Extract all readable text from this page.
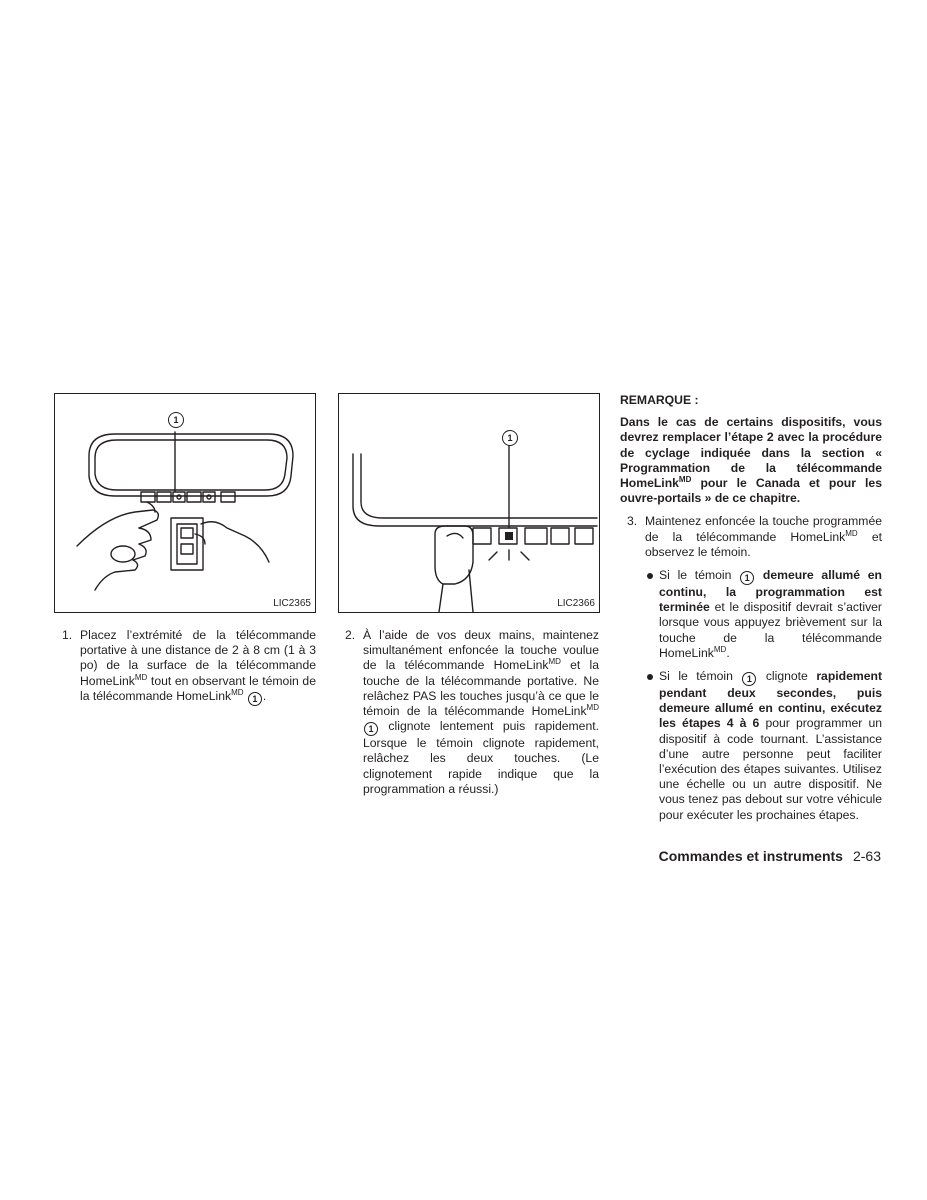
1
LIC2365
1
LIC2366
1. Placez l’extrémité de la télécommande portative à une distance de 2 à 8 cm (1 à 3 po) de la surface de la télécommande HomeLink$^{MD}$ tout en observant le témoin de la télécommande HomeLink$^{MD}$ 1 .
2. À l’aide de vos deux mains, maintenez simultanément enfoncée la touche voulue de la télécommande HomeLink$^{MD}$ et la touche de la télécommande portative. Ne relâchez PAS les touches jusqu’à ce que le témoin de la télécommande HomeLink$^{MD}$ 1 clignote lentement puis rapidement. Lorsque le témoin clignote rapidement, relâchez les deux touches. (Le clignotement rapide indique que la programmation a réussi.)
REMARQUE :
Dans le cas de certains dispositifs, vous devrez remplacer l’étape 2 avec la procédure de cyclage indiquée dans la section « Programmation de la télécommande HomeLink$^{MD}$ pour le Canada et pour les ouvre-portails » de ce chapitre.
3. Maintenez enfoncée la touche programmée de la télécommande HomeLink$^{MD}$ et observez le témoin.
Si le témoin 1 demeure allumé en continu, la programmation est terminée et le dispositif devrait s’activer lorsque vous appuyez brièvement sur la touche de la télécommande HomeLink$^{MD}$.
Si le témoin 1 clignote rapidement pendant deux secondes, puis demeure allumé en continu, exécutez les étapes 4 à 6 pour programmer un dispositif à code tournant. L’assistance d’une autre personne peut faciliter l’exécution des étapes suivantes. Utilisez une échelle ou un autre dispositif. Ne vous tenez pas debout sur votre véhicule pour exécuter les prochaines étapes.
Commandes et instruments 2-63
